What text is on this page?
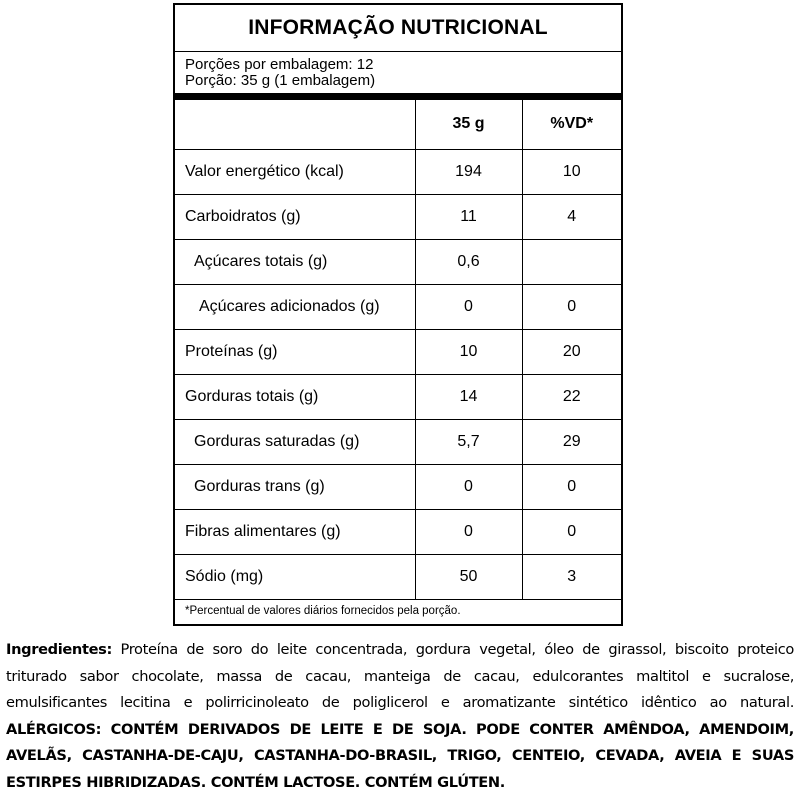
INFORMAÇÃO NUTRICIONAL
Porções por embalagem: 12
Porção: 35 g (1 embalagem)
	35 g	%VD*
Valor energético (kcal)	194	10
Carboidratos (g)	11	4
Açúcares totais (g)	0,6	
Açúcares adicionados (g)	0	0
Proteínas (g)	10	20
Gorduras totais (g)	14	22
Gorduras saturadas (g)	5,7	29
Gorduras trans (g)	0	0
Fibras alimentares (g)	0	0
Sódio (mg)	50	3
*Percentual de valores diários fornecidos pela porção.
Ingredientes: Proteína de soro do leite concentrada, gordura vegetal, óleo de girassol, biscoito proteico triturado sabor chocolate, massa de cacau, manteiga de cacau, edulcorantes maltitol e sucralose, emulsificantes lecitina e polirricinoleato de poliglicerol e aromatizante sintético idêntico ao natural. ALÉRGICOS: CONTÉM DERIVADOS DE LEITE E DE SOJA. PODE CONTER AMÊNDOA, AMENDOIM, AVELÃS, CASTANHA-DE-CAJU, CASTANHA-DO-BRASIL, TRIGO, CENTEIO, CEVADA, AVEIA E SUAS ESTIRPES HIBRIDIZADAS. CONTÉM LACTOSE. CONTÉM GLÚTEN.
